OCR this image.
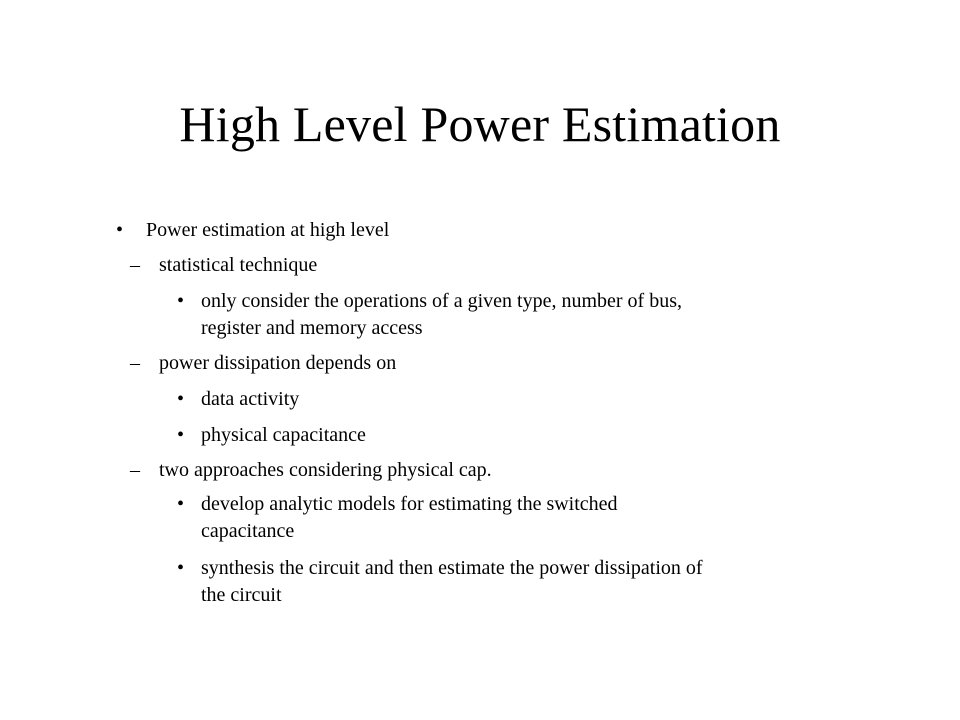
High Level Power Estimation
• Power estimation at high level
– statistical technique
• only consider the operations of a given type, number of bus,
register and memory access
– power dissipation depends on
• data activity
• physical capacitance
– two approaches considering physical cap.
• develop analytic models for estimating the switched
capacitance
• synthesis the circuit and then estimate the power dissipation of
the circuit
